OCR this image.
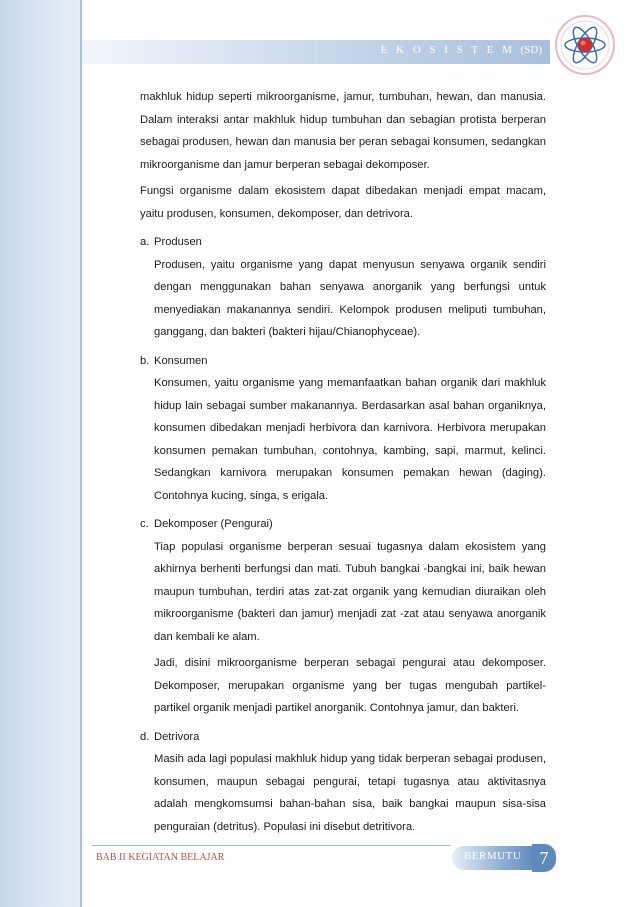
E K O S I S T E M (SD)

makhluk hidup seperti mikroorganisme, jamur, tumbuhan, hewan, dan manusia. Dalam interaksi antar makhluk hidup tumbuhan dan sebagian protista berperan sebagai produsen, hewan dan manusia ber peran sebagai konsumen, sedangkan mikroorganisme dan jamur berperan sebagai dekomposer.

Fungsi organisme dalam ekosistem dapat dibedakan menjadi empat macam, yaitu produsen, konsumen, dekomposer, dan detrivora.

a. Produsen

Produsen, yaitu organisme yang dapat menyusun senyawa organik sendiri dengan menggunakan bahan senyawa anorganik yang berfungsi untuk menyediakan makanannya sendiri. Kelompok produsen meliputi tumbuhan, ganggang, dan bakteri (bakteri hijau/Chianophyceae).

b. Konsumen

Konsumen, yaitu organisme yang memanfaatkan bahan organik dari makhluk hidup lain sebagai sumber makanannya. Berdasarkan asal bahan organiknya, konsumen dibedakan menjadi herbivora dan karnivora. Herbivora merupakan konsumen pemakan tumbuhan, contohnya, kambing, sapi, marmut, kelinci. Sedangkan karnivora merupakan konsumen pemakan hewan (daging). Contohnya kucing, singa, s erigala.

c. Dekomposer (Pengurai)

Tiap populasi organisme berperan sesuai tugasnya dalam ekosistem yang akhirnya berhenti berfungsi dan mati. Tubuh bangkai -bangkai ini, baik hewan maupun tumbuhan, terdiri atas zat-zat organik yang kemudian diuraikan oleh mikroorganisme (bakteri dan jamur) menjadi zat -zat atau senyawa anorganik dan kembali ke alam.

Jadi, disini mikroorganisme berperan sebagai pengurai atau dekomposer. Dekomposer, merupakan organisme yang ber tugas mengubah partikel-partikel organik menjadi partikel anorganik. Contohnya jamur, dan bakteri.

d. Detrivora

Masih ada lagi populasi makhluk hidup yang tidak berperan sebagai produsen, konsumen, maupun sebagai pengurai, tetapi tugasnya atau aktivitasnya adalah mengkomsumsi bahan-bahan sisa, baik bangkai maupun sisa-sisa penguraian (detritus). Populasi ini disebut detritivora.

BAB II KEGIATAN BELAJAR	BERMUTU	7
